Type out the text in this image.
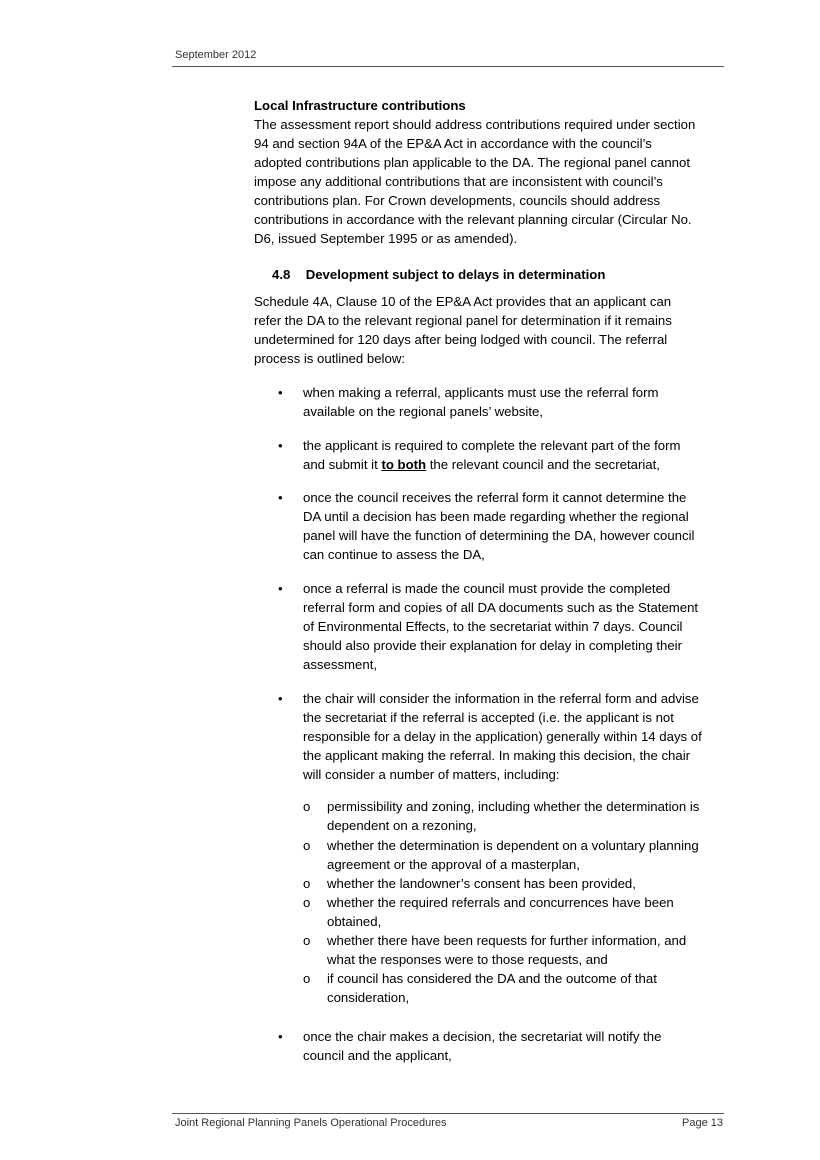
September 2012
Local Infrastructure contributions
The assessment report should address contributions required under section
94 and section 94A of the EP&A Act in accordance with the council’s
adopted contributions plan applicable to the DA. The regional panel cannot
impose any additional contributions that are inconsistent with council’s
contributions plan. For Crown developments, councils should address
contributions in accordance with the relevant planning circular (Circular No.
D6, issued September 1995 or as amended).
4.8 Development subject to delays in determination
Schedule 4A, Clause 10 of the EP&A Act provides that an applicant can
refer the DA to the relevant regional panel for determination if it remains
undetermined for 120 days after being lodged with council. The referral
process is outlined below:
• when making a referral, applicants must use the referral form
available on the regional panels’ website,
• the applicant is required to complete the relevant part of the form
and submit it to both the relevant council and the secretariat,
• once the council receives the referral form it cannot determine the
DA until a decision has been made regarding whether the regional
panel will have the function of determining the DA, however council
can continue to assess the DA,
• once a referral is made the council must provide the completed
referral form and copies of all DA documents such as the Statement
of Environmental Effects, to the secretariat within 7 days. Council
should also provide their explanation for delay in completing their
assessment,
• the chair will consider the information in the referral form and advise
the secretariat if the referral is accepted (i.e. the applicant is not
responsible for a delay in the application) generally within 14 days of
the applicant making the referral. In making this decision, the chair
will consider a number of matters, including:
o permissibility and zoning, including whether the determination is
dependent on a rezoning,
o whether the determination is dependent on a voluntary planning
agreement or the approval of a masterplan,
o whether the landowner’s consent has been provided,
o whether the required referrals and concurrences have been
obtained,
o whether there have been requests for further information, and
what the responses were to those requests, and
o if council has considered the DA and the outcome of that
consideration,
• once the chair makes a decision, the secretariat will notify the
council and the applicant,
Joint Regional Planning Panels Operational Procedures	Page 13
